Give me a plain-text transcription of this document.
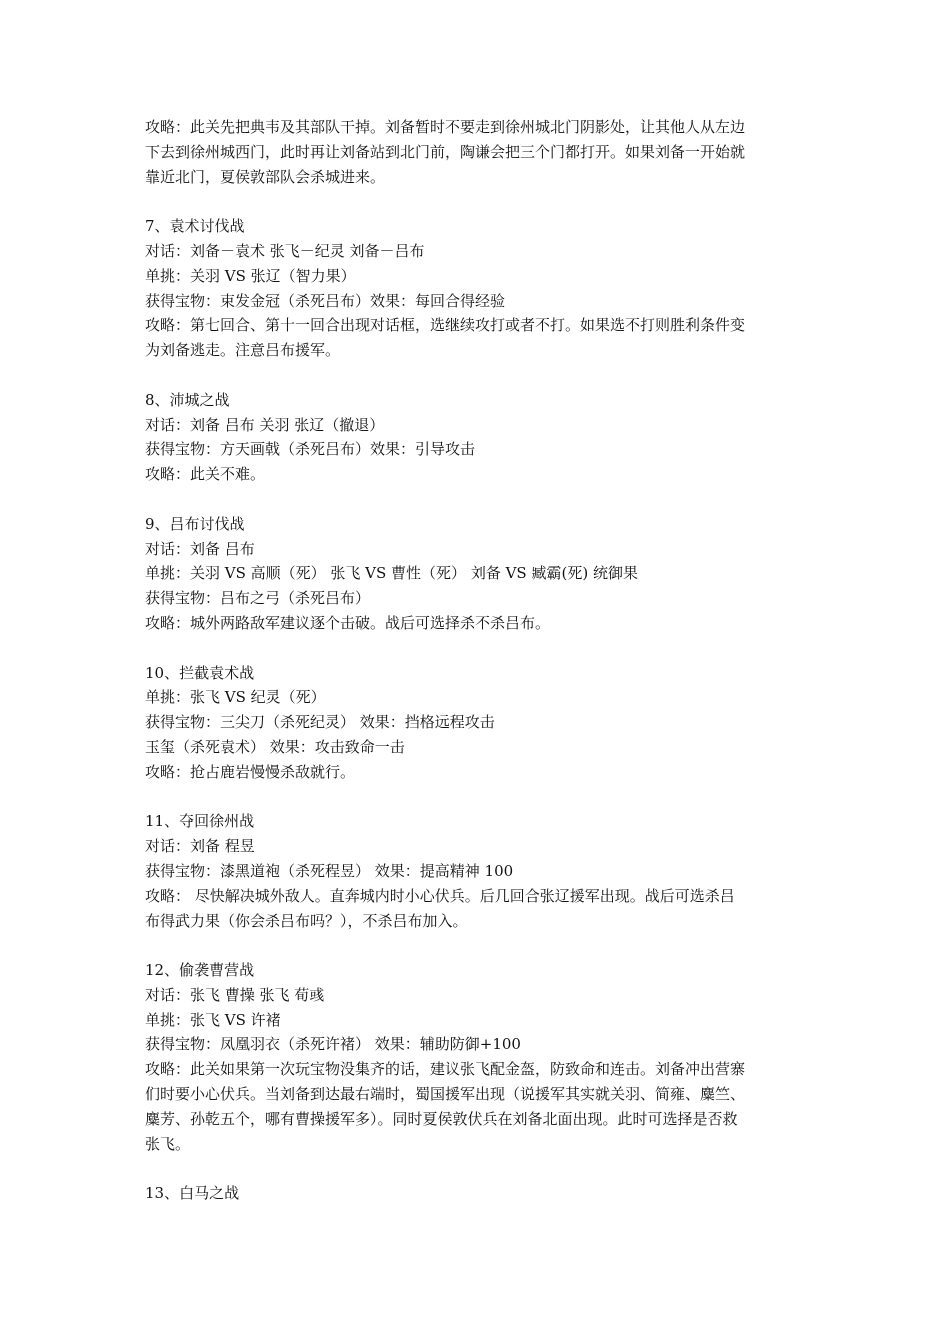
攻略：此关先把典韦及其部队干掉。刘备暂时不要走到徐州城北门阴影处，让其他人从左边
下去到徐州城西门，此时再让刘备站到北门前，陶谦会把三个门都打开。如果刘备一开始就
靠近北门，夏侯敦部队会杀城进来。
7、袁术讨伐战
对话：刘备－袁术 张飞－纪灵 刘备－吕布
单挑：关羽 VS 张辽（智力果）
获得宝物：束发金冠（杀死吕布）效果：每回合得经验
攻略：第七回合、第十一回合出现对话框，选继续攻打或者不打。如果选不打则胜利条件变
为刘备逃走。注意吕布援军。
8、沛城之战
对话：刘备 吕布 关羽 张辽（撤退）
获得宝物：方天画戟（杀死吕布）效果：引导攻击
攻略：此关不难。
9、吕布讨伐战
对话：刘备 吕布
单挑：关羽 VS 高顺（死） 张飞 VS 曹性（死） 刘备 VS 臧霸(死) 统御果
获得宝物：吕布之弓（杀死吕布）
攻略：城外两路敌军建议逐个击破。战后可选择杀不杀吕布。
10、拦截袁术战
单挑：张飞 VS 纪灵（死）
获得宝物：三尖刀（杀死纪灵） 效果：挡格远程攻击
玉玺（杀死袁术） 效果：攻击致命一击
攻略：抢占鹿岩慢慢杀敌就行。
11、夺回徐州战
对话：刘备 程昱
获得宝物：漆黑道袍（杀死程昱） 效果：提高精神 100
攻略： 尽快解决城外敌人。直奔城内时小心伏兵。后几回合张辽援军出现。战后可选杀吕
布得武力果（你会杀吕布吗？），不杀吕布加入。
12、偷袭曹营战
对话：张飞 曹操 张飞 荀彧
单挑：张飞 VS 许褚
获得宝物：凤凰羽衣（杀死许褚） 效果：辅助防御+100
攻略：此关如果第一次玩宝物没集齐的话，建议张飞配金盔，防致命和连击。刘备冲出营寨
们时要小心伏兵。当刘备到达最右端时，蜀国援军出现（说援军其实就关羽、简雍、麋竺、
麋芳、孙乾五个，哪有曹操援军多）。同时夏侯敦伏兵在刘备北面出现。此时可选择是否救
张飞。
13、白马之战
